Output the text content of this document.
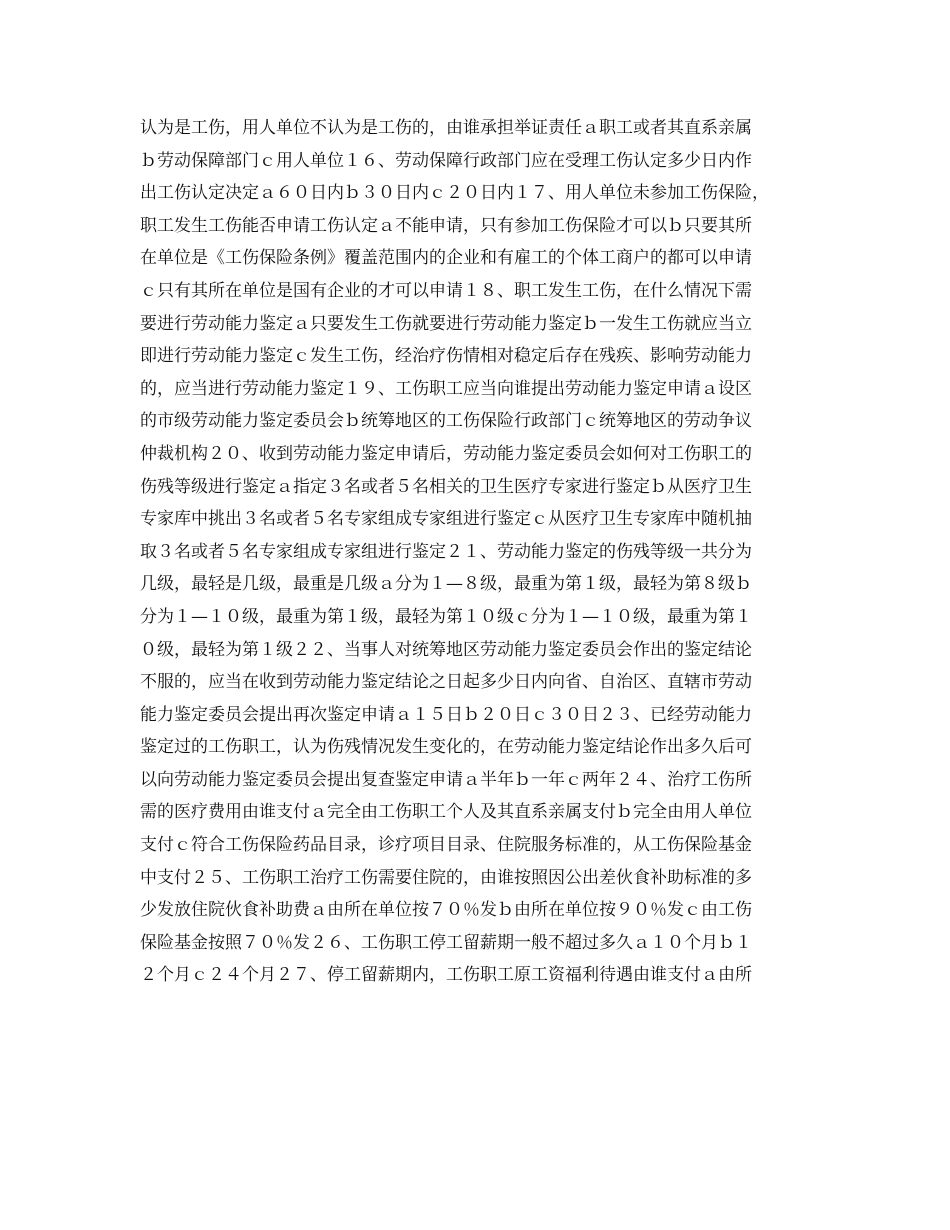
认为是工伤，用人单位不认为是工伤的，由谁承担举证责任ａ职工或者其直系亲属
ｂ劳动保障部门ｃ用人单位１６、劳动保障行政部门应在受理工伤认定多少日内作
出工伤认定决定ａ６０日内ｂ３０日内ｃ２０日内１７、用人单位未参加工伤保险，
职工发生工伤能否申请工伤认定ａ不能申请，只有参加工伤保险才可以ｂ只要其所
在单位是《工伤保险条例》覆盖范围内的企业和有雇工的个体工商户的都可以申请
ｃ只有其所在单位是国有企业的才可以申请１８、职工发生工伤，在什么情况下需
要进行劳动能力鉴定ａ只要发生工伤就要进行劳动能力鉴定ｂ一发生工伤就应当立
即进行劳动能力鉴定ｃ发生工伤，经治疗伤情相对稳定后存在残疾、影响劳动能力
的，应当进行劳动能力鉴定１９、工伤职工应当向谁提出劳动能力鉴定申请ａ设区
的市级劳动能力鉴定委员会ｂ统筹地区的工伤保险行政部门ｃ统筹地区的劳动争议
仲裁机构２０、收到劳动能力鉴定申请后，劳动能力鉴定委员会如何对工伤职工的
伤残等级进行鉴定ａ指定３名或者５名相关的卫生医疗专家进行鉴定ｂ从医疗卫生
专家库中挑出３名或者５名专家组成专家组进行鉴定ｃ从医疗卫生专家库中随机抽
取３名或者５名专家组成专家组进行鉴定２１、劳动能力鉴定的伤残等级一共分为
几级，最轻是几级，最重是几级ａ分为１—８级，最重为第１级，最轻为第８级ｂ
分为１—１０级，最重为第１级，最轻为第１０级ｃ分为１—１０级，最重为第１
０级，最轻为第１级２２、当事人对统筹地区劳动能力鉴定委员会作出的鉴定结论
不服的，应当在收到劳动能力鉴定结论之日起多少日内向省、自治区、直辖市劳动
能力鉴定委员会提出再次鉴定申请ａ１５日ｂ２０日ｃ３０日２３、已经劳动能力
鉴定过的工伤职工，认为伤残情况发生变化的，在劳动能力鉴定结论作出多久后可
以向劳动能力鉴定委员会提出复查鉴定申请ａ半年ｂ一年ｃ两年２４、治疗工伤所
需的医疗费用由谁支付ａ完全由工伤职工个人及其直系亲属支付ｂ完全由用人单位
支付ｃ符合工伤保险药品目录，诊疗项目目录、住院服务标准的，从工伤保险基金
中支付２５、工伤职工治疗工伤需要住院的，由谁按照因公出差伙食补助标准的多
少发放住院伙食补助费ａ由所在单位按７０％发ｂ由所在单位按９０％发ｃ由工伤
保险基金按照７０％发２６、工伤职工停工留薪期一般不超过多久ａ１０个月ｂ１
２个月ｃ２４个月２７、停工留薪期内，工伤职工原工资福利待遇由谁支付ａ由所
